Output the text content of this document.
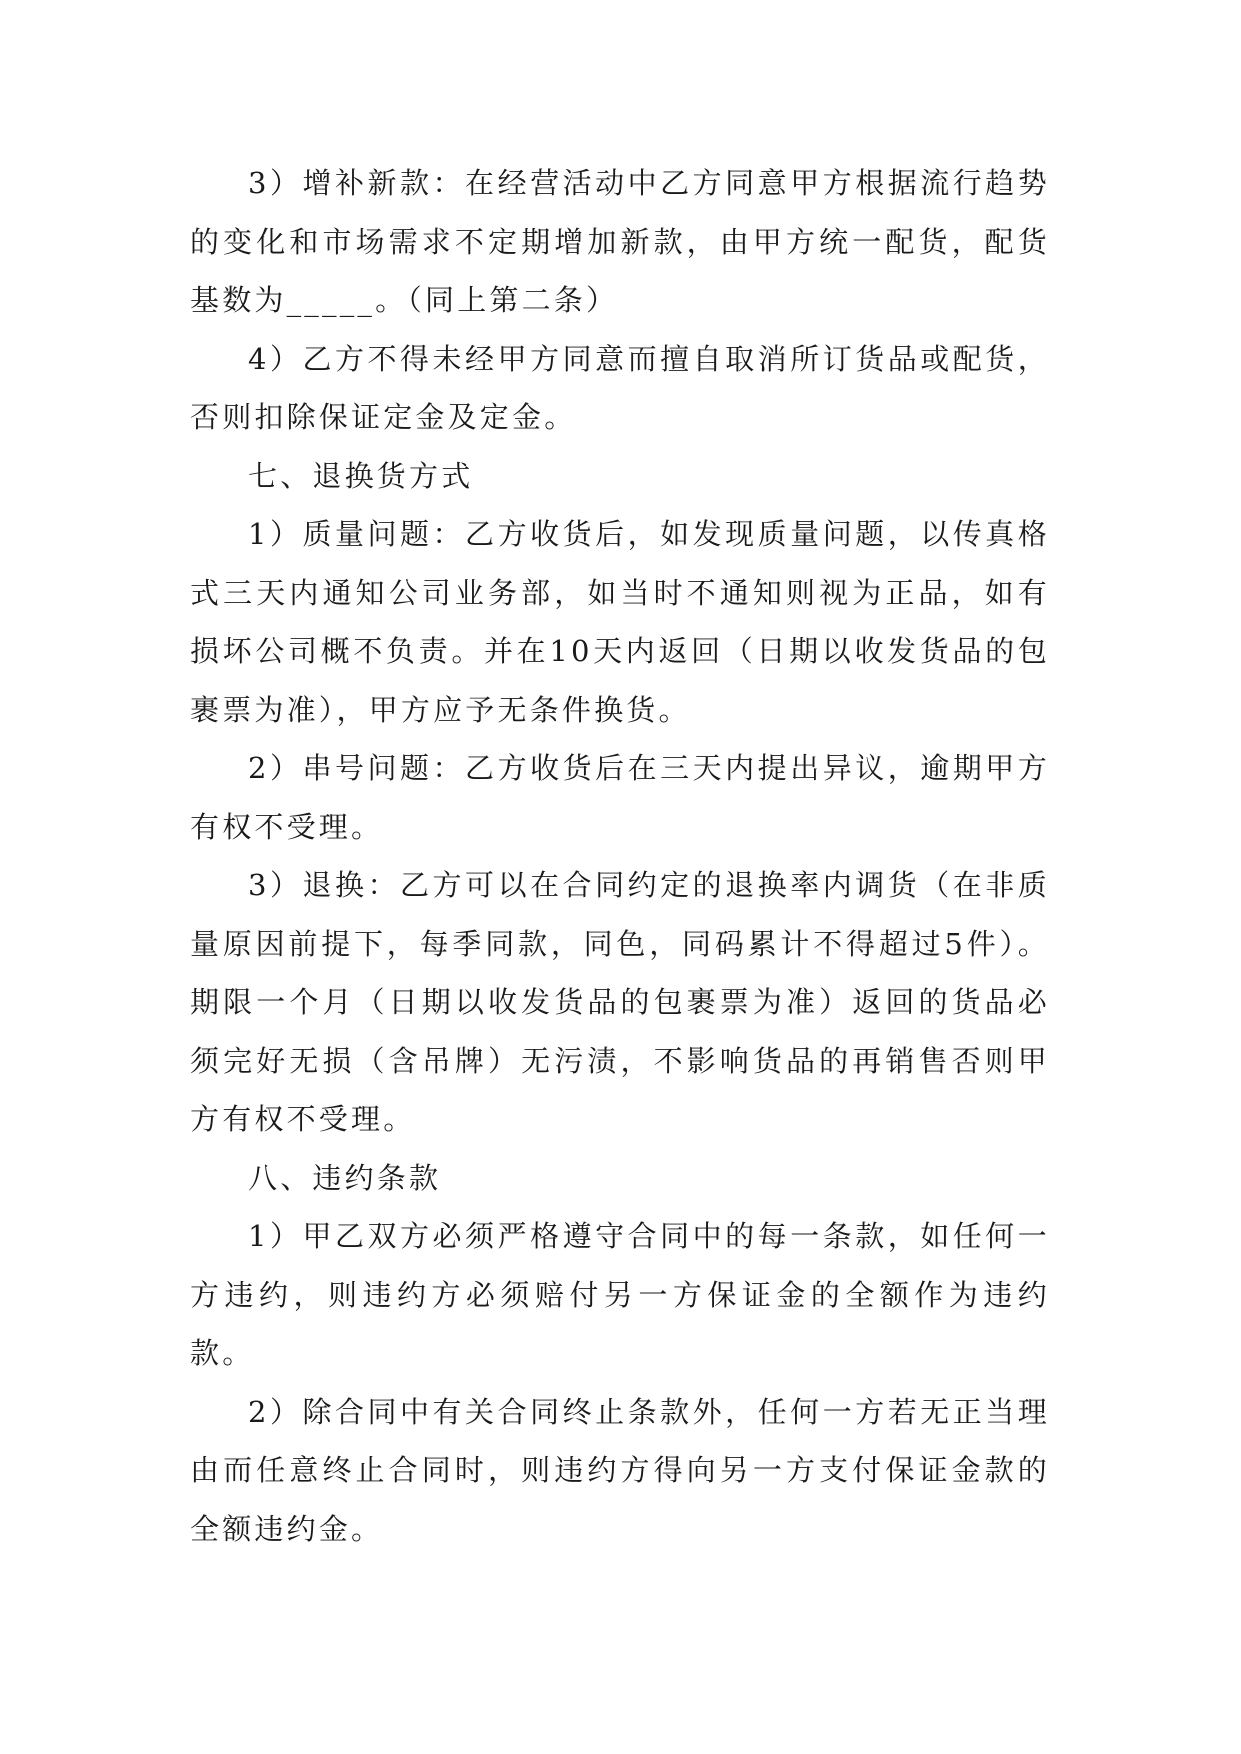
3）增补新款：在经营活动中乙方同意甲方根据流行趋势的变化和市场需求不定期增加新款，由甲方统一配货，配货基数为_____。（同上第二条）

4）乙方不得未经甲方同意而擅自取消所订货品或配货，否则扣除保证定金及定金。

七、退换货方式

1）质量问题：乙方收货后，如发现质量问题，以传真格式三天内通知公司业务部，如当时不通知则视为正品，如有损坏公司概不负责。并在10天内返回（日期以收发货品的包裹票为准），甲方应予无条件换货。

2）串号问题：乙方收货后在三天内提出异议，逾期甲方有权不受理。

3）退换：乙方可以在合同约定的退换率内调货（在非质量原因前提下，每季同款，同色，同码累计不得超过5件）。期限一个月（日期以收发货品的包裹票为准）返回的货品必须完好无损（含吊牌）无污渍，不影响货品的再销售否则甲方有权不受理。

八、违约条款

1）甲乙双方必须严格遵守合同中的每一条款，如任何一方违约，则违约方必须赔付另一方保证金的全额作为违约款。

2）除合同中有关合同终止条款外，任何一方若无正当理由而任意终止合同时，则违约方得向另一方支付保证金款的全额违约金。
